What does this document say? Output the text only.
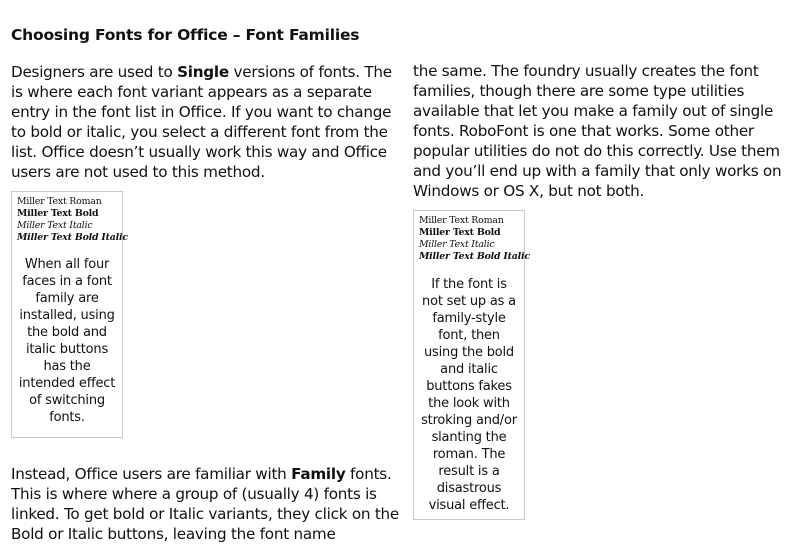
Choosing Fonts for Office – Font Families
Designers are used to Single versions of fonts. The is where each font variant appears as a separate entry in the font list in Office. If you want to change to bold or italic, you select a different font from the list. Office doesn’t usually work this way and Office users are not used to this method.
Miller Text Roman
Miller Text Bold
Miller Text Italic
Miller Text Bold Italic
When all four faces in a font family are installed, using the bold and italic buttons has the intended effect of switching fonts.
Instead, Office users are familiar with Family fonts. This is where where a group of (usually 4) fonts is linked. To get bold or Italic variants, they click on the Bold or Italic buttons, leaving the font name
the same. The foundry usually creates the font families, though there are some type utilities available that let you make a family out of single fonts. RoboFont is one that works. Some other popular utilities do not do this correctly. Use them and you’ll end up with a family that only works on Windows or OS X, but not both.
Miller Text Roman
Miller Text Bold
Miller Text Italic
Miller Text Bold Italic
If the font is not set up as a family-style font, then using the bold and italic buttons fakes the look with stroking and/or slanting the roman. The result is a disastrous visual effect.
